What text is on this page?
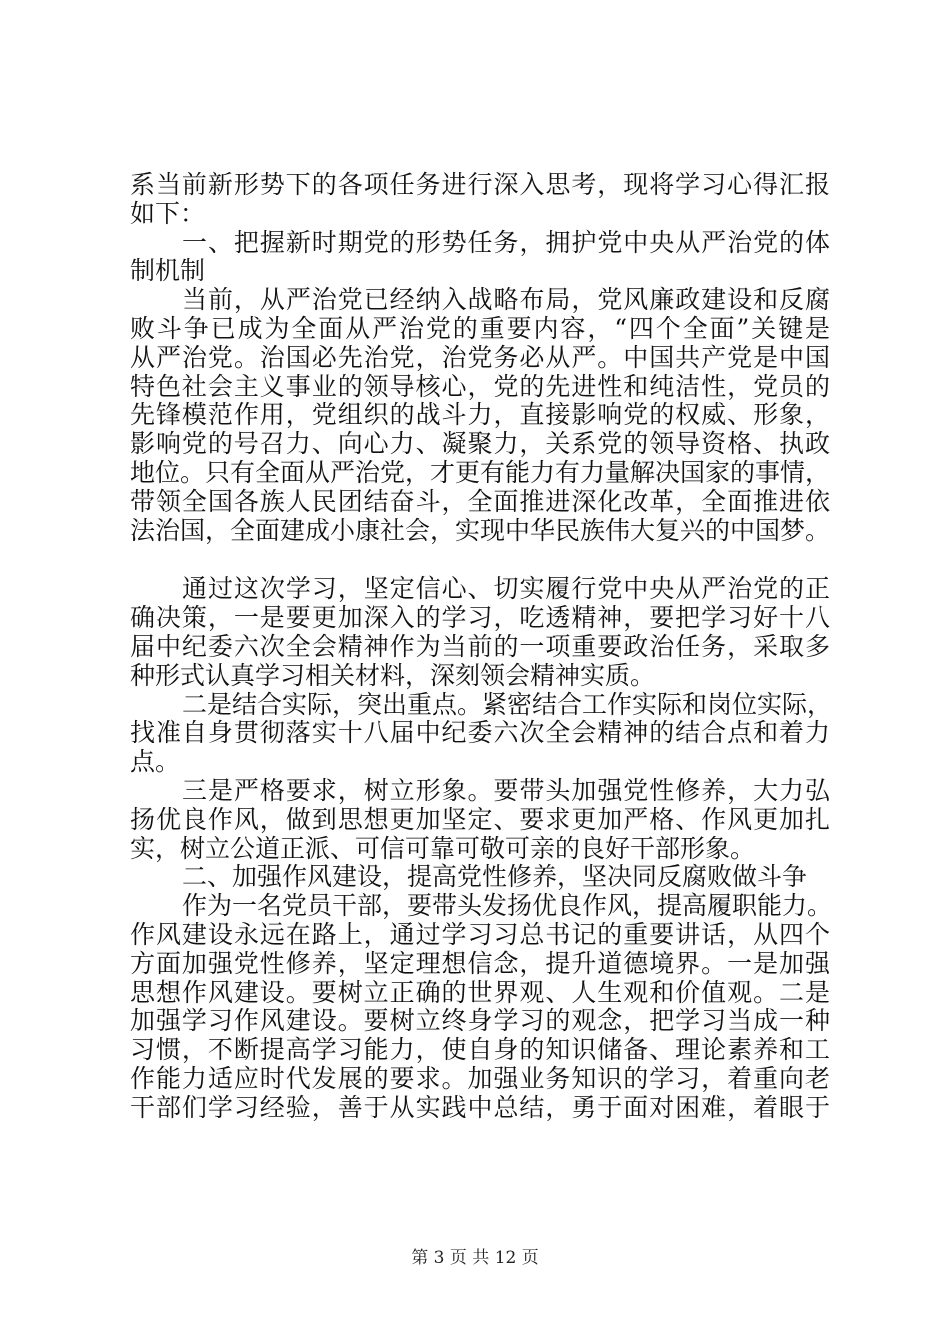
系当前新形势下的各项任务进行深入思考，现将学习心得汇报
如下：
一、把握新时期党的形势任务，拥护党中央从严治党的体
制机制
当前，从严治党已经纳入战略布局，党风廉政建设和反腐
败斗争已成为全面从严治党的重要内容，“四个全面”关键是
从严治党。治国必先治党，治党务必从严。中国共产党是中国
特色社会主义事业的领导核心，党的先进性和纯洁性，党员的
先锋模范作用，党组织的战斗力，直接影响党的权威、形象，
影响党的号召力、向心力、凝聚力，关系党的领导资格、执政
地位。只有全面从严治党，才更有能力有力量解决国家的事情，
带领全国各族人民团结奋斗，全面推进深化改革，全面推进依
法治国，全面建成小康社会，实现中华民族伟大复兴的中国梦。
通过这次学习，坚定信心、切实履行党中央从严治党的正
确决策，一是要更加深入的学习，吃透精神，要把学习好十八
届中纪委六次全会精神作为当前的一项重要政治任务，采取多
种形式认真学习相关材料，深刻领会精神实质。
二是结合实际，突出重点。紧密结合工作实际和岗位实际，
找准自身贯彻落实十八届中纪委六次全会精神的结合点和着力
点。
三是严格要求，树立形象。要带头加强党性修养，大力弘
扬优良作风，做到思想更加坚定、要求更加严格、作风更加扎
实，树立公道正派、可信可靠可敬可亲的良好干部形象。
二、加强作风建设，提高党性修养，坚决同反腐败做斗争
作为一名党员干部，要带头发扬优良作风，提高履职能力。
作风建设永远在路上，通过学习习总书记的重要讲话，从四个
方面加强党性修养，坚定理想信念，提升道德境界。一是加强
思想作风建设。要树立正确的世界观、人生观和价值观。二是
加强学习作风建设。要树立终身学习的观念，把学习当成一种
习惯，不断提高学习能力，使自身的知识储备、理论素养和工
作能力适应时代发展的要求。加强业务知识的学习，着重向老
干部们学习经验，善于从实践中总结，勇于面对困难，着眼于
第 3 页 共 12 页
